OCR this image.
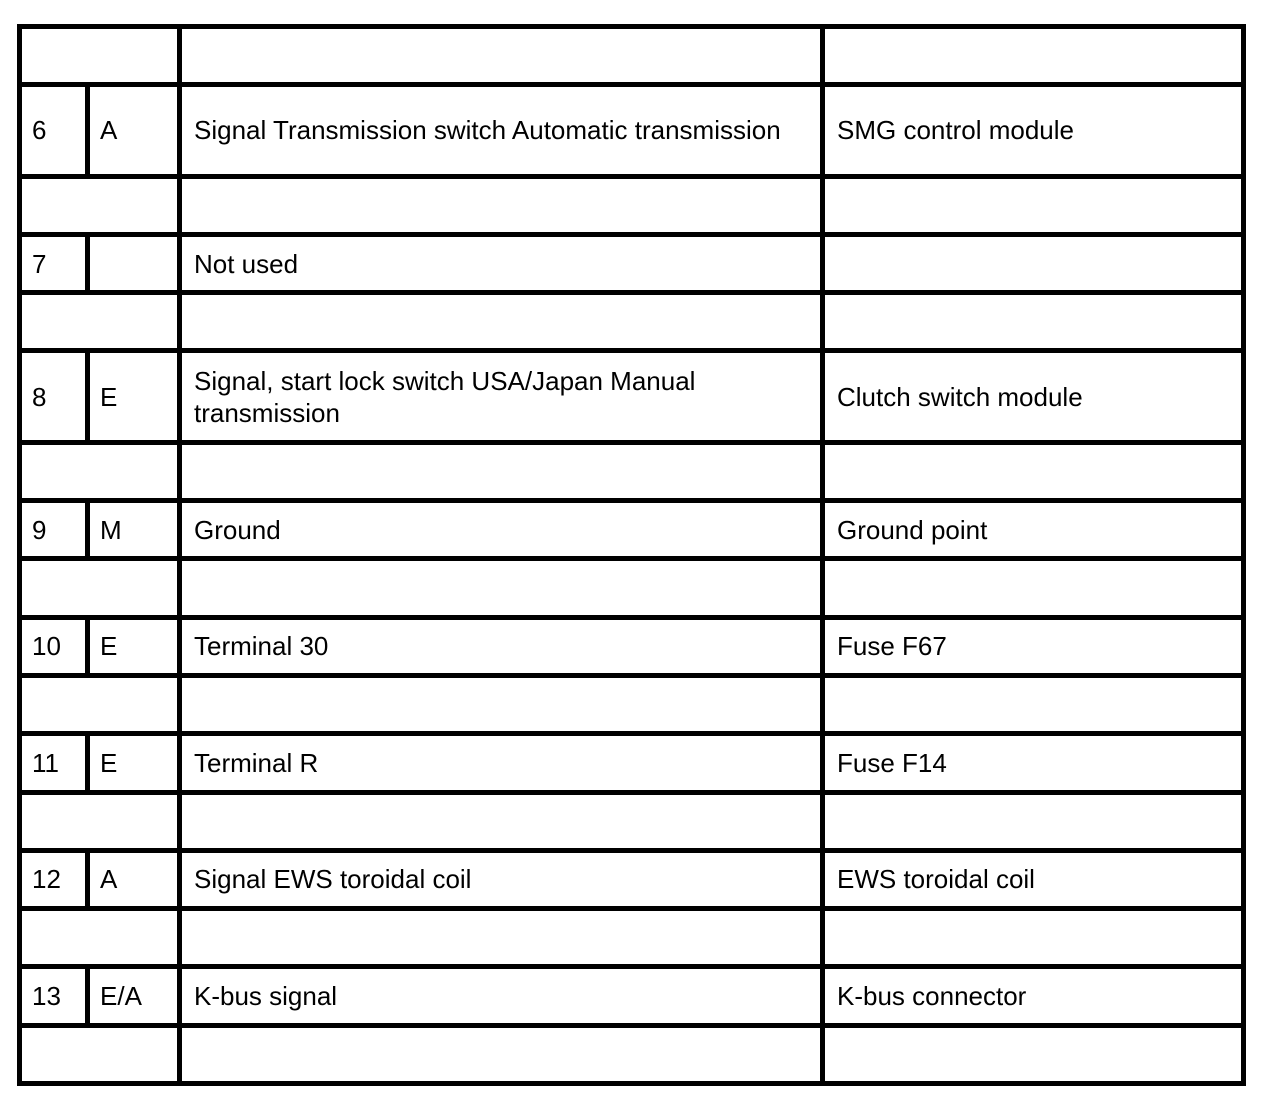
6	A	Signal Transmission switch Automatic transmission	SMG control module

7		Not used	

8	E	Signal, start lock switch USA/Japan Manual transmission	Clutch switch module

9	M	Ground	Ground point

10	E	Terminal 30	Fuse F67

11	E	Terminal R	Fuse F14

12	A	Signal EWS toroidal coil	EWS toroidal coil

13	E/A	K-bus signal	K-bus connector
